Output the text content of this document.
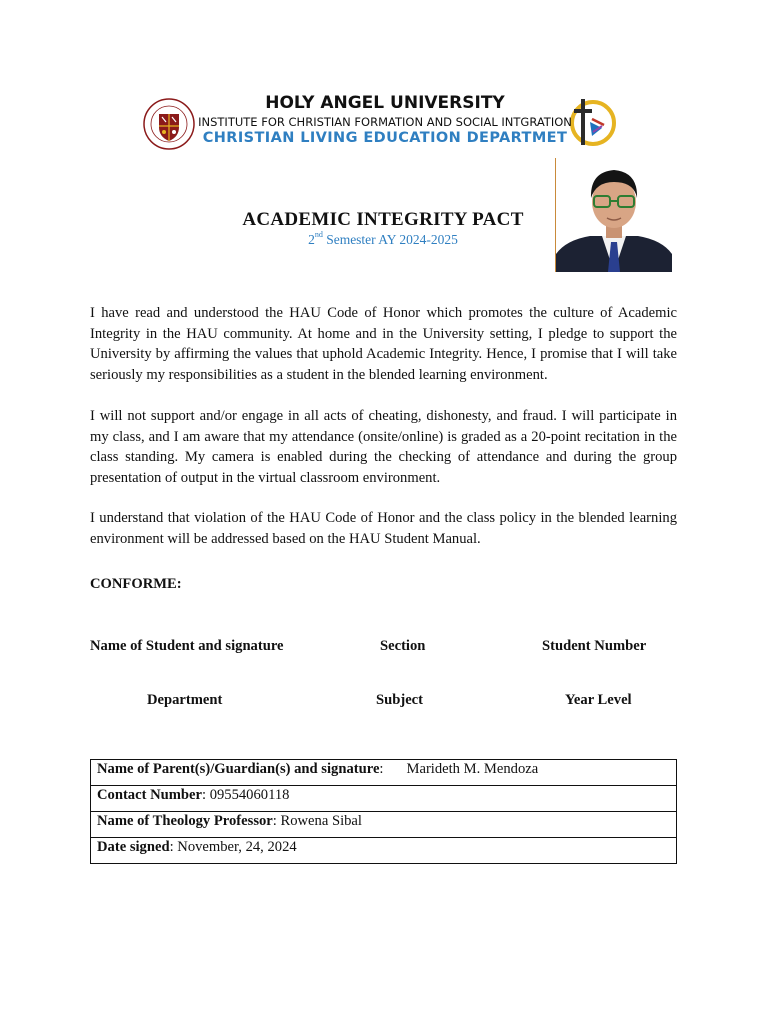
HOLY ANGEL UNIVERSITY
INSTITUTE FOR CHRISTIAN FORMATION AND SOCIAL INTGRATION
CHRISTIAN LIVING EDUCATION DEPARTMET
ACADEMIC INTEGRITY PACT
2nd Semester AY 2024-2025
I have read and understood the HAU Code of Honor which promotes the culture of Academic Integrity in the HAU community. At home and in the University setting, I pledge to support the University by affirming the values that uphold Academic Integrity. Hence, I promise that I will take seriously my responsibilities as a student in the blended learning environment.
I will not support and/or engage in all acts of cheating, dishonesty, and fraud. I will participate in my class, and I am aware that my attendance (onsite/online) is graded as a 20-point recitation in the class standing. My camera is enabled during the checking of attendance and during the group presentation of output in the virtual classroom environment.
I understand that violation of the HAU Code of Honor and the class policy in the blended learning environment will be addressed based on the HAU Student Manual.
CONFORME:
Name of Student and signature	Section	Student Number
Department	Subject	Year Level
Name of Parent(s)/Guardian(s) and signature: Marideth M. Mendoza
Contact Number: 09554060118
Name of Theology Professor: Rowena Sibal
Date signed: November, 24, 2024
